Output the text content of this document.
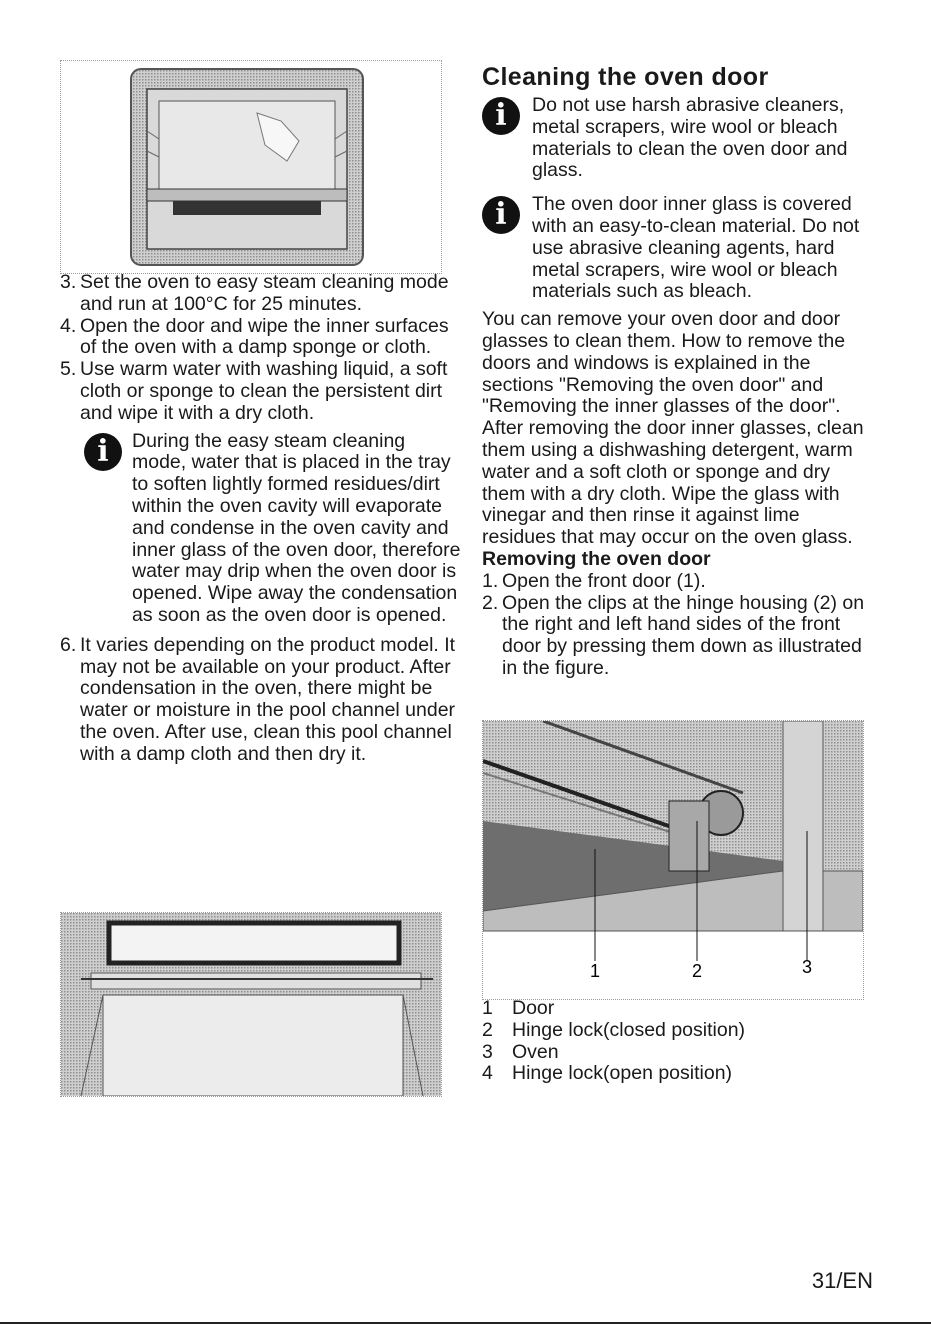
3. Set the oven to easy steam cleaning mode and run at 100°C for 25 minutes.
4. Open the door and wipe the inner surfaces of the oven with a damp sponge or cloth.
5. Use warm water with washing liquid, a soft cloth or sponge to clean the persistent dirt and wipe it with a dry cloth.
i	During the easy steam cleaning mode, water that is placed in the tray to soften lightly formed residues/dirt within the oven cavity will evaporate and condense in the oven cavity and inner glass of the oven door, therefore water may drip when the oven door is opened. Wipe away the condensation as soon as the oven door is opened.

6. It varies depending on the product model. It may not be available on your product. After condensation in the oven, there might be water or moisture in the pool channel under the oven. After use, clean this pool channel with a damp cloth and then dry it.
Cleaning the oven door
i	Do not use harsh abrasive cleaners, metal scrapers, wire wool or bleach materials to clean the oven door and glass.

i	The oven door inner glass is covered with an easy-to-clean material. Do not use abrasive cleaning agents, hard metal scrapers, wire wool or bleach materials such as bleach.

You can remove your oven door and door glasses to clean them. How to remove the doors and windows is explained in the sections "Removing the oven door" and "Removing the inner glasses of the door". After removing the door inner glasses, clean them using a dishwashing detergent, warm water and a soft cloth or sponge and dry them with a dry cloth. Wipe the glass with vinegar and then rinse it against lime residues that may occur on the oven glass.

Removing the oven door
1. Open the front door (1).
2. Open the clips at the hinge housing (2) on the right and left hand sides of the front door by pressing them down as illustrated in the figure.
1	2	3
1 Door
2 Hinge lock(closed position)
3 Oven
4 Hinge lock(open position)
31/EN
